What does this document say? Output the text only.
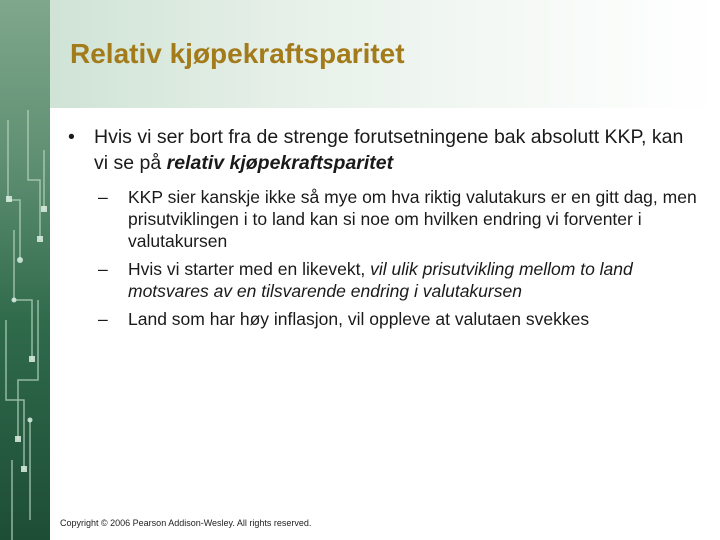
Relativ kjøpekraftsparitet
• Hvis vi ser bort fra de strenge forutsetningene bak absolutt KKP, kan vi se på relativ kjøpekraftsparitet
– KKP sier kanskje ikke så mye om hva riktig valutakurs er en gitt dag, men prisutviklingen i to land kan si noe om hvilken endring vi forventer i valutakursen
– Hvis vi starter med en likevekt, vil ulik prisutvikling mellom to land motsvares av en tilsvarende endring i valutakursen
– Land som har høy inflasjon, vil oppleve at valutaen svekkes
Copyright © 2006 Pearson Addison-Wesley. All rights reserved.
